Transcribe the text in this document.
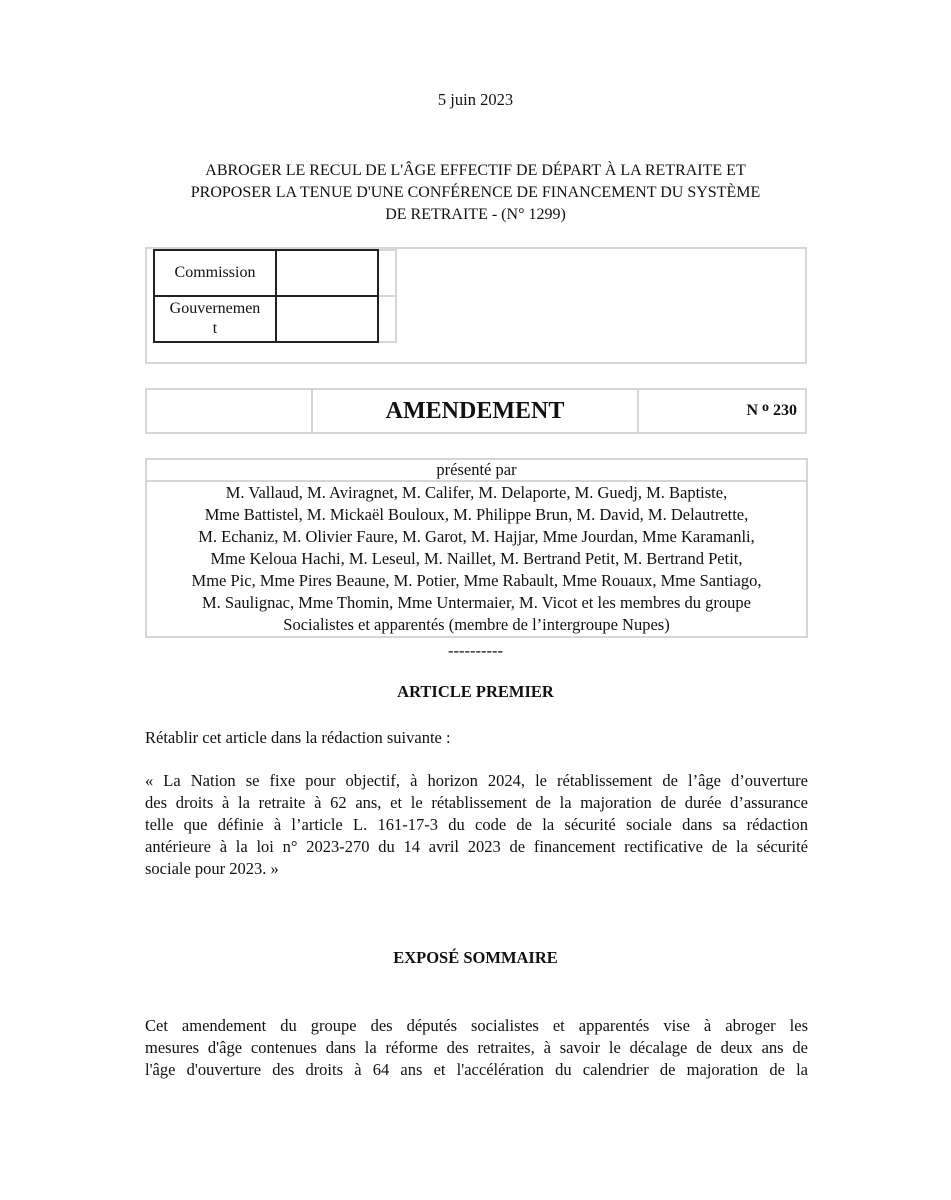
5 juin 2023
ABROGER LE RECUL DE L'ÂGE EFFECTIF DE DÉPART À LA RETRAITE ET
PROPOSER LA TENUE D'UNE CONFÉRENCE DE FINANCEMENT DU SYSTÈME
DE RETRAITE - (N° 1299)
Commission		
Gouvernemen
t		
AMENDEMENT	N $^o$ 230
présenté par
M. Vallaud, M. Aviragnet, M. Califer, M. Delaporte, M. Guedj, M. Baptiste,
Mme Battistel, M. Mickaël Bouloux, M. Philippe Brun, M. David, M. Delautrette,
M. Echaniz, M. Olivier Faure, M. Garot, M. Hajjar, Mme Jourdan, Mme Karamanli,
Mme Keloua Hachi, M. Leseul, M. Naillet, M. Bertrand Petit, M. Bertrand Petit,
Mme Pic, Mme Pires Beaune, M. Potier, Mme Rabault, Mme Rouaux, Mme Santiago,
M. Saulignac, Mme Thomin, Mme Untermaier, M. Vicot et les membres du groupe
Socialistes et apparentés (membre de l’intergroupe Nupes)
----------
ARTICLE PREMIER
Rétablir cet article dans la rédaction suivante :
« La Nation se fixe pour objectif, à horizon 2024, le rétablissement de l’âge d’ouverture
des droits à la retraite à 62 ans, et le rétablissement de la majoration de durée d’assurance
telle que définie à l’article L. 161-17-3 du code de la sécurité sociale dans sa rédaction
antérieure à la loi n° 2023-270 du 14 avril 2023 de financement rectificative de la sécurité
sociale pour 2023. »
EXPOSÉ SOMMAIRE
Cet amendement du groupe des députés socialistes et apparentés vise à abroger les
mesures d'âge contenues dans la réforme des retraites, à savoir le décalage de deux ans de
l'âge d'ouverture des droits à 64 ans et l'accélération du calendrier de majoration de la
